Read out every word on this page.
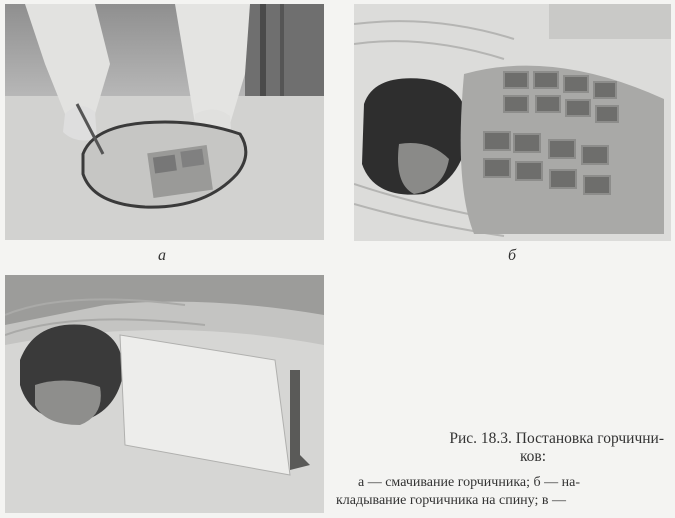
а	б

Рис. 18.3. Постановка горчични-
ков:

а — смачивание горчичника; б — на-
кладывание горчичника на спину; в —
